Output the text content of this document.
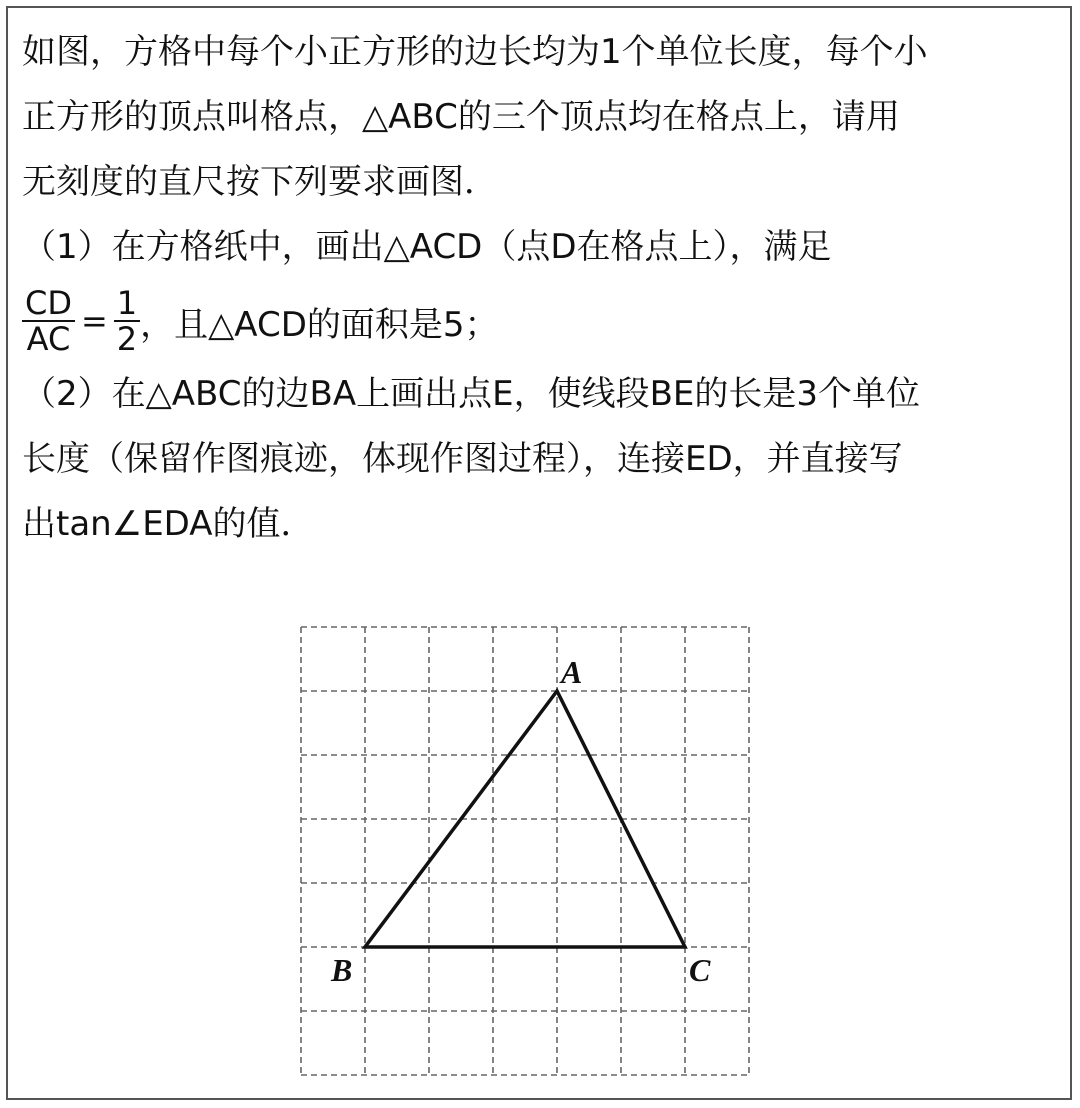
如图，方格中每个小正方形的边长均为1个单位长度，每个小
正方形的顶点叫格点，△ABC的三个顶点均在格点上，请用
无刻度的直尺按下列要求画图．
（1）在方格纸中，画出△ACD（点D在格点上），满足
$\frac{CD}{AC} = \frac{1}{2}$ ，且△ACD的面积是5；
（2）在△ABC的边BA上画出点E，使线段BE的长是3个单位
长度（保留作图痕迹，体现作图过程），连接ED，并直接写
出tan∠EDA的值．
A
B	C
